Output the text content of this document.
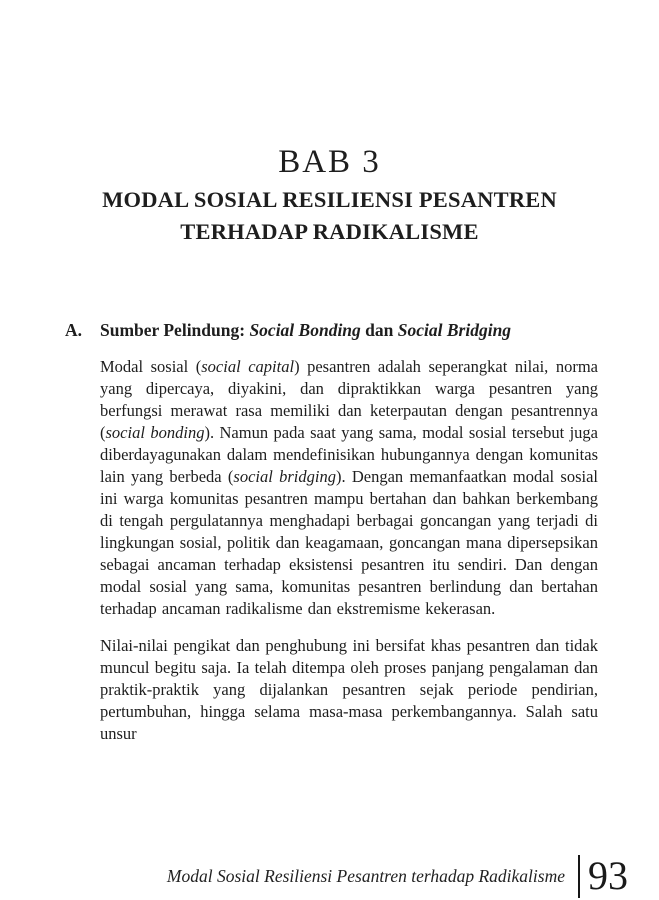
BAB 3
MODAL SOSIAL RESILIENSI PESANTREN
TERHADAP RADIKALISME
A. Sumber Pelindung: Social Bonding dan Social Bridging

Modal sosial (social capital) pesantren adalah seperangkat nilai, norma yang dipercaya, diyakini, dan dipraktikkan warga pesantren yang berfungsi merawat rasa memiliki dan keterpautan dengan pesantrennya (social bonding). Namun pada saat yang sama, modal sosial tersebut juga diberdayagunakan dalam mendefinisikan hubungannya dengan komunitas lain yang berbeda (social bridging). Dengan memanfaatkan modal sosial ini warga komunitas pesantren mampu bertahan dan bahkan berkembang di tengah pergulatannya menghadapi berbagai goncangan yang terjadi di lingkungan sosial, politik dan keagamaan, goncangan mana dipersepsikan sebagai ancaman terhadap eksistensi pesantren itu sendiri. Dan dengan modal sosial yang sama, komunitas pesantren berlindung dan bertahan terhadap ancaman radikalisme dan ekstremisme kekerasan.

Nilai-nilai pengikat dan penghubung ini bersifat khas pesantren dan tidak muncul begitu saja. Ia telah ditempa oleh proses panjang pengalaman dan praktik-praktik yang dijalankan pesantren sejak periode pendirian, pertumbuhan, hingga selama masa-masa perkembangannya. Salah satu unsur

Modal Sosial Resiliensi Pesantren terhadap Radikalisme 93
